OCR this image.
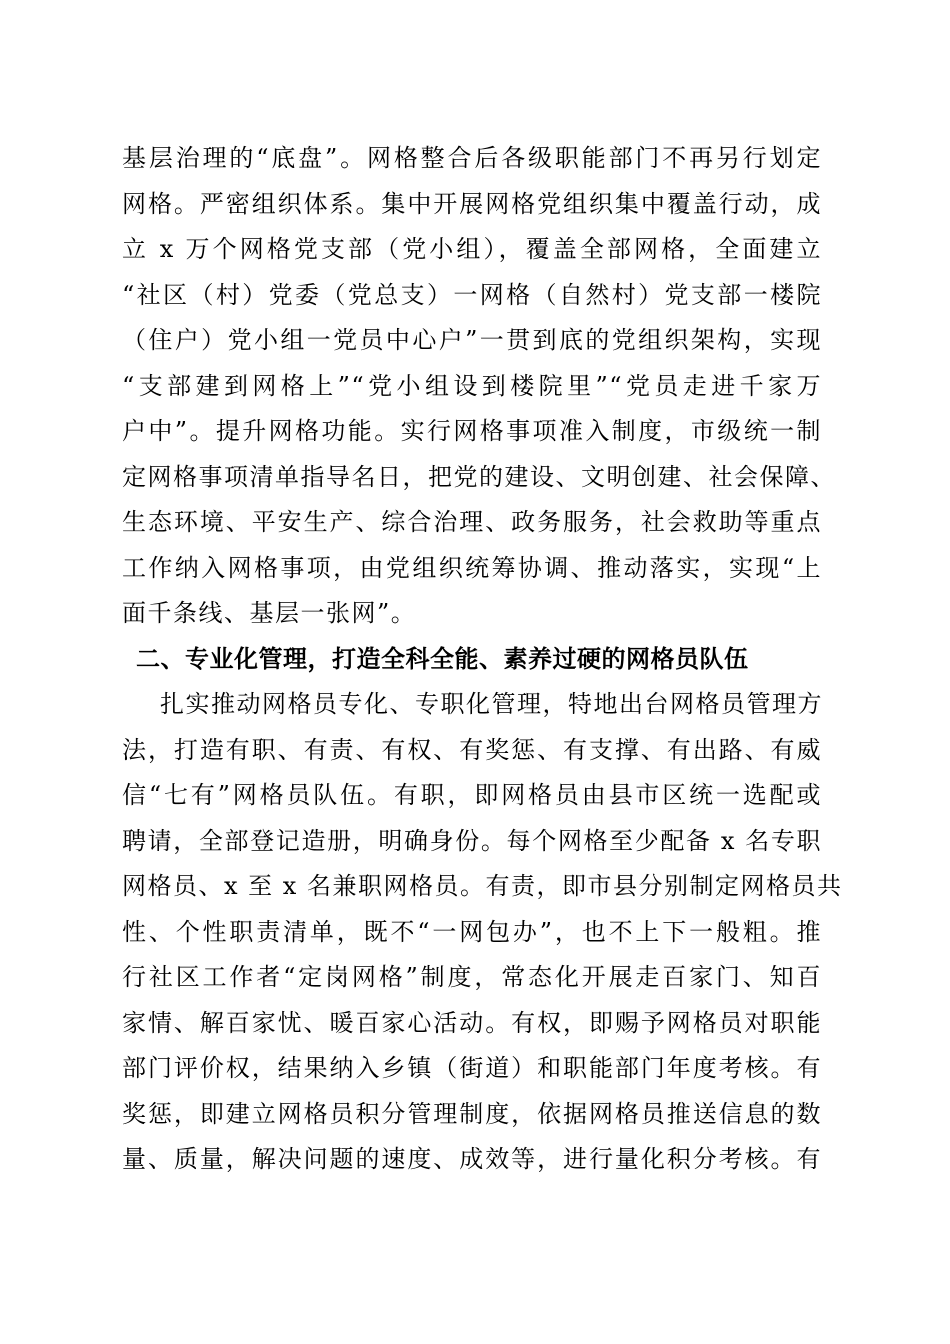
基层治理的“底盘”。网格整合后各级职能部门不再另行划定
网格。严密组织体系。集中开展网格党组织集中覆盖行动，成
立 x 万个网格党支部（党小组），覆盖全部网格，全面建立
“社区（村）党委（党总支）一网格（自然村）党支部一楼院
（住户）党小组一党员中心户”一贯到底的党组织架构，实现
“支部建到网格上”“党小组设到楼院里”“党员走进千家万
户中”。提升网格功能。实行网格事项准入制度，市级统一制
定网格事项清单指导名日，把党的建设、文明创建、社会保障、
生态环境、平安生产、综合治理、政务服务，社会救助等重点
工作纳入网格事项，由党组织统筹协调、推动落实，实现“上
面千条线、基层一张网”。
二、专业化管理，打造全科全能、素养过硬的网格员队伍
扎实推动网格员专化、专职化管理，特地出台网格员管理方
法，打造有职、有责、有权、有奖惩、有支撑、有出路、有威
信“七有”网格员队伍。有职，即网格员由县市区统一选配或
聘请，全部登记造册，明确身份。每个网格至少配备 x 名专职
网格员、x 至 x 名兼职网格员。有责，即市县分别制定网格员共
性、个性职责清单，既不“一网包办”，也不上下一般粗。推
行社区工作者“定岗网格”制度，常态化开展走百家门、知百
家情、解百家忧、暖百家心活动。有权，即赐予网格员对职能
部门评价权，结果纳入乡镇（街道）和职能部门年度考核。有
奖惩，即建立网格员积分管理制度，依据网格员推送信息的数
量、质量，解决问题的速度、成效等，进行量化积分考核。有
